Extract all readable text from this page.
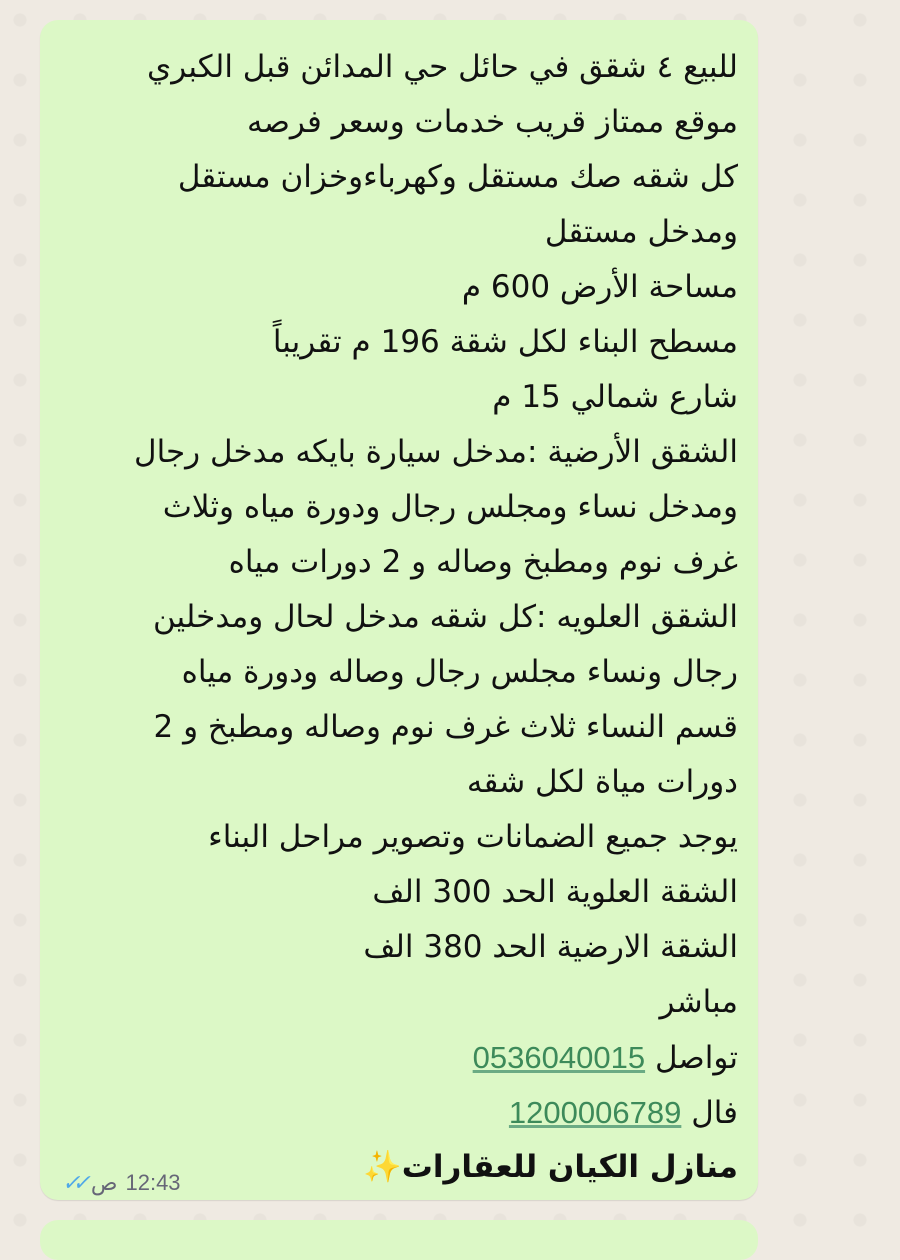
للبيع ٤ شقق في حائل حي المدائن قبل الكبري
موقع ممتاز قريب خدمات وسعر فرصه
كل شقه صك مستقل وكهرباءوخزان مستقل
ومدخل مستقل
مساحة الأرض 600 م
مسطح البناء لكل شقة 196 م تقريباً
شارع شمالي 15 م
الشقق الأرضية :مدخل سيارة بايكه مدخل رجال
ومدخل نساء ومجلس رجال ودورة مياه وثلاث
غرف نوم ومطبخ وصاله و 2 دورات مياه
الشقق العلويه :كل شقه مدخل لحال ومدخلين
رجال ونساء مجلس رجال وصاله ودورة مياه
قسم النساء ثلاث غرف نوم وصاله ومطبخ و 2
دورات مياة لكل شقه
يوجد جميع الضمانات وتصوير مراحل البناء
الشقة العلوية الحد 300 الف
الشقة الارضية الحد 380 الف
مباشر
تواصل 0536040015
فال 1200006789
منازل الكيان للعقارات✨
✓✓ ص 12:43
